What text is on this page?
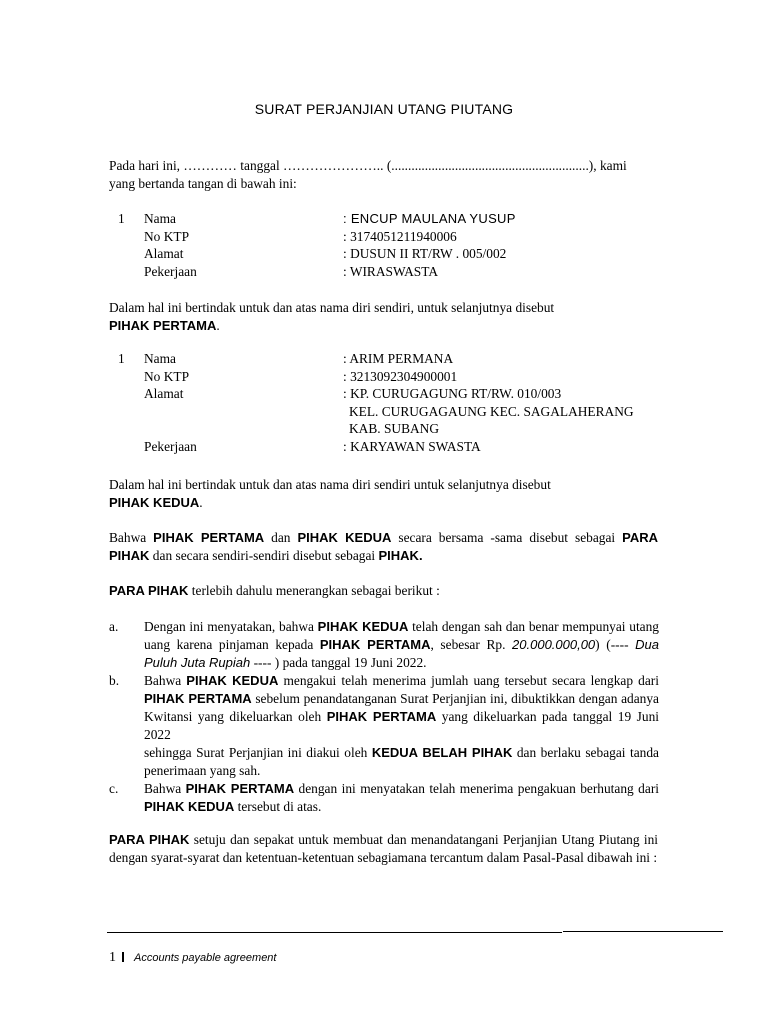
SURAT PERJANJIAN UTANG PIUTANG
Pada hari ini, ………… tanggal ………………….. (...........................................................), kami
yang bertanda tangan di bawah ini:
1 Nama	: ENCUP MAULANA YUSUP
No KTP	: 3174051211940006
Alamat	: DUSUN II RT/RW . 005/002
Pekerjaan	: WIRASWASTA
Dalam hal ini bertindak untuk dan atas nama diri sendiri, untuk selanjutnya disebut
PIHAK PERTAMA.
1 Nama	: ARIM PERMANA
No KTP	: 3213092304900001
Alamat	: KP. CURUGAGUNG RT/RW. 010/003
KEL. CURUGAGAUNG KEC. SAGALAHERANG
KAB. SUBANG
Pekerjaan	: KARYAWAN SWASTA
Dalam hal ini bertindak untuk dan atas nama diri sendiri untuk selanjutnya disebut
PIHAK KEDUA.
Bahwa PIHAK PERTAMA dan PIHAK KEDUA secara bersama -sama disebut sebagai PARA PIHAK dan secara sendiri-sendiri disebut sebagai PIHAK.
PARA PIHAK terlebih dahulu menerangkan sebagai berikut :
a. Dengan ini menyatakan, bahwa PIHAK KEDUA telah dengan sah dan benar mempunyai utang uang karena pinjaman kepada PIHAK PERTAMA, sebesar Rp. 20.000.000,00) (---- Dua Puluh Juta Rupiah ---- ) pada tanggal 19 Juni 2022.
b. Bahwa PIHAK KEDUA mengakui telah menerima jumlah uang tersebut secara lengkap dari PIHAK PERTAMA sebelum penandatanganan Surat Perjanjian ini, dibuktikkan dengan adanya Kwitansi yang dikeluarkan oleh PIHAK PERTAMA yang dikeluarkan pada tanggal 19 Juni 2022
sehingga Surat Perjanjian ini diakui oleh KEDUA BELAH PIHAK dan berlaku sebagai tanda penerimaan yang sah.
c. Bahwa PIHAK PERTAMA dengan ini menyatakan telah menerima pengakuan berhutang dari PIHAK KEDUA tersebut di atas.
PARA PIHAK setuju dan sepakat untuk membuat dan menandatangani Perjanjian Utang Piutang ini dengan syarat-syarat dan ketentuan-ketentuan sebagiamana tercantum dalam Pasal-Pasal dibawah ini :
1 Accounts payable agreement
